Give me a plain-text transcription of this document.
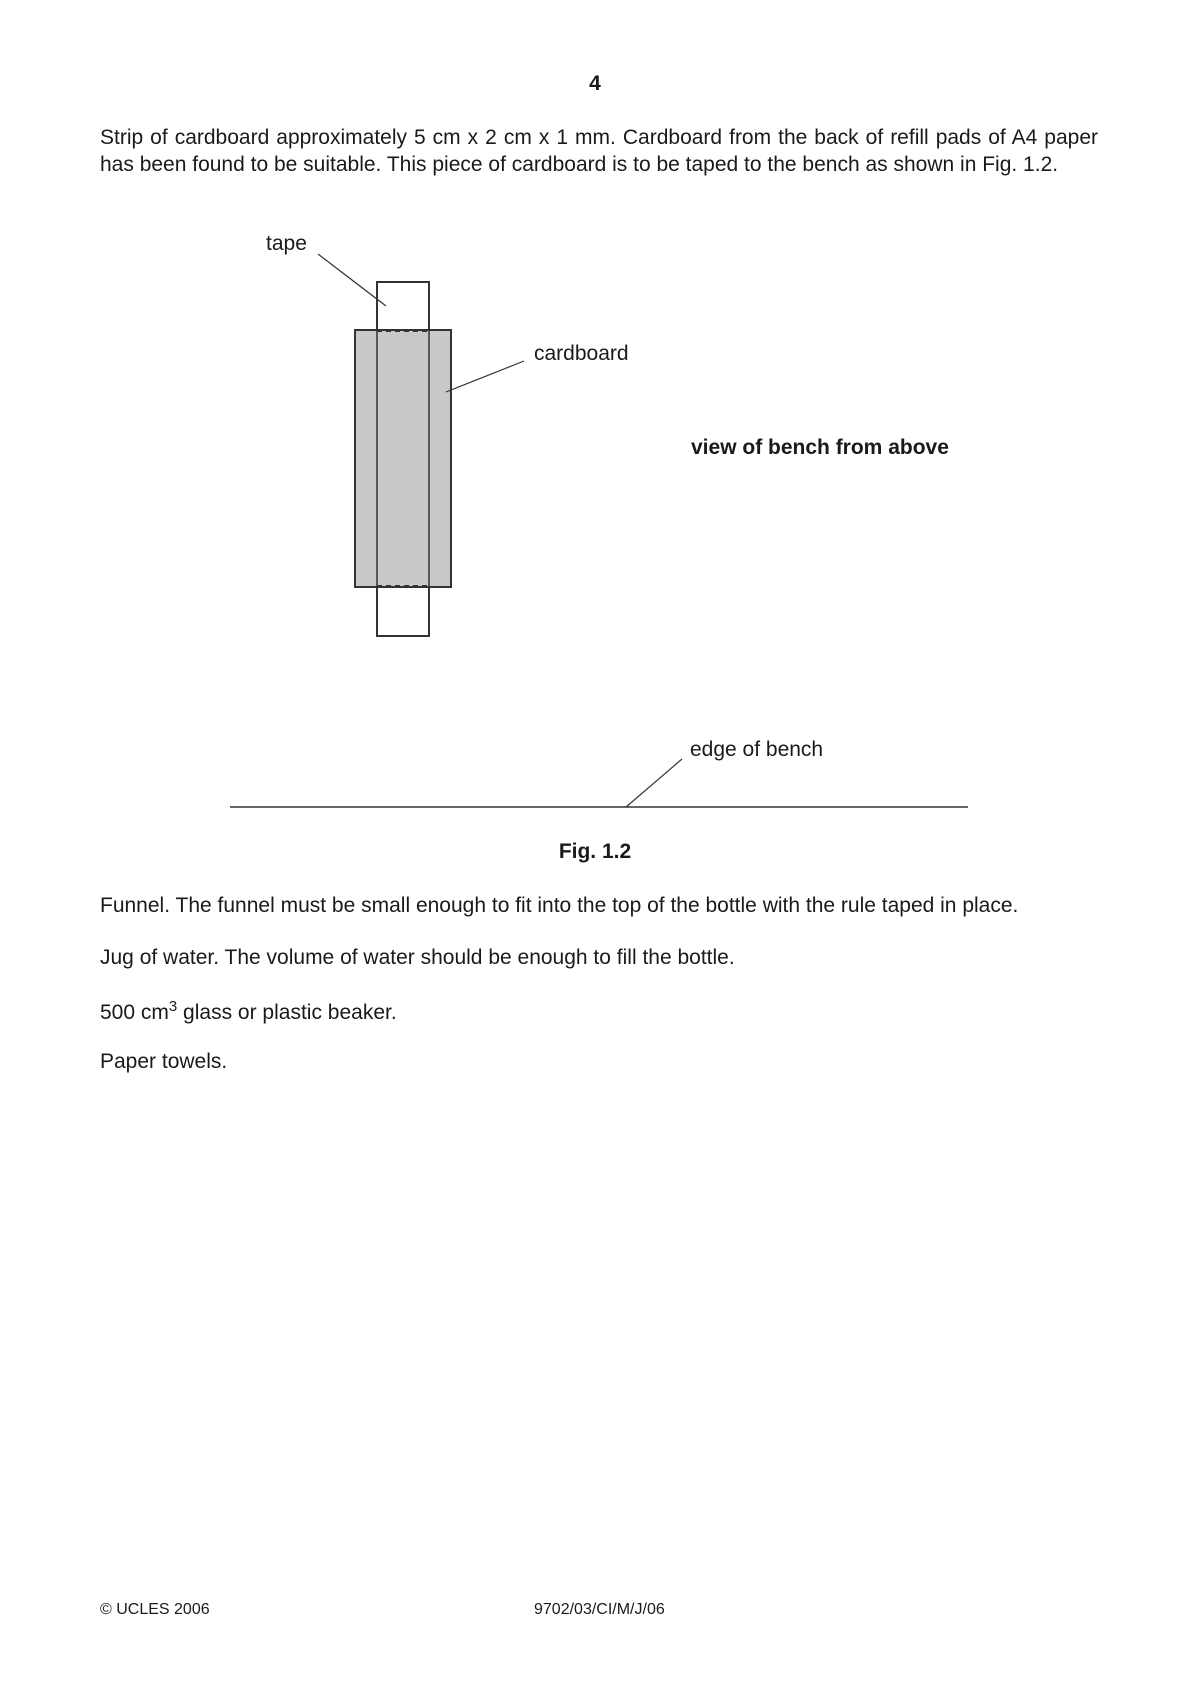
4

Strip of cardboard approximately 5 cm x 2 cm x 1 mm. Cardboard from the back of refill pads of A4 paper has been found to be suitable. This piece of cardboard is to be taped to the bench as shown in Fig. 1.2.

tape
cardboard
view of bench from above
edge of bench
Fig. 1.2

Funnel. The funnel must be small enough to fit into the top of the bottle with the rule taped in place.

Jug of water. The volume of water should be enough to fill the bottle.

500 $cm^3$ glass or plastic beaker.

Paper towels.

© UCLES 2006	9702/03/CI/M/J/06
